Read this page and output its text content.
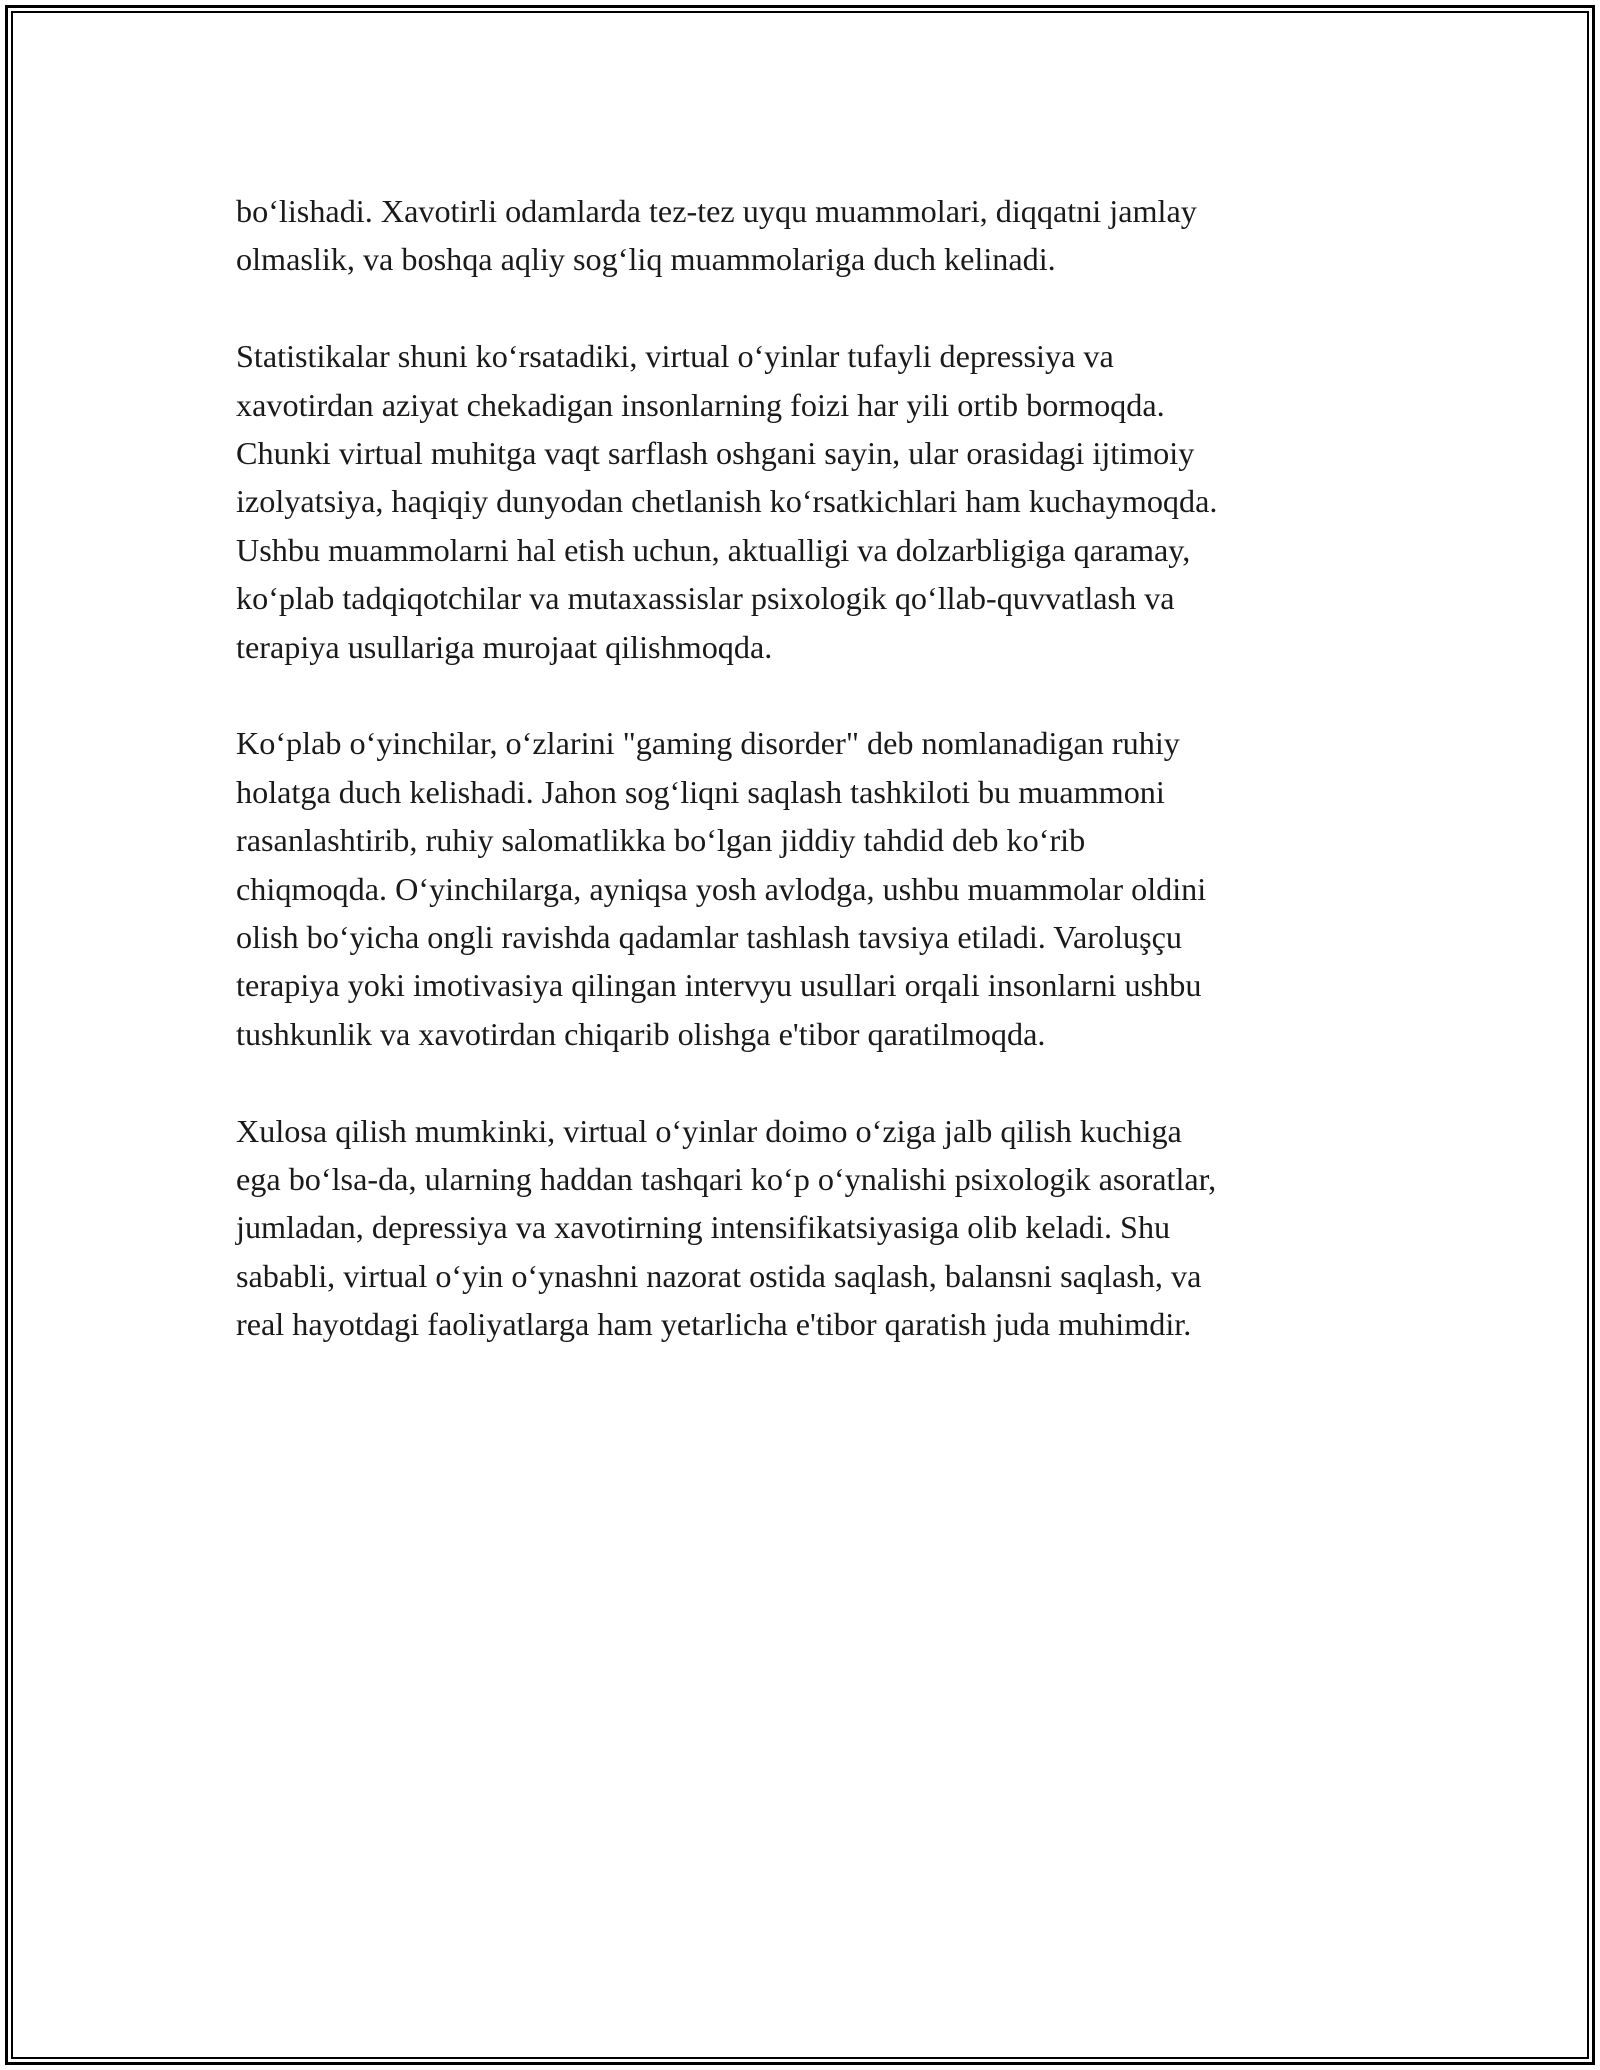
bo‘lishadi. Xavotirli odamlarda tez-tez uyqu muammolari, diqqatni jamlay
olmaslik, va boshqa aqliy sog‘liq muammolariga duch kelinadi.

Statistikalar shuni ko‘rsatadiki, virtual o‘yinlar tufayli depressiya va
xavotirdan aziyat chekadigan insonlarning foizi har yili ortib bormoqda.
Chunki virtual muhitga vaqt sarflash oshgani sayin, ular orasidagi ijtimoiy
izolyatsiya, haqiqiy dunyodan chetlanish ko‘rsatkichlari ham kuchaymoqda.
Ushbu muammolarni hal etish uchun, aktualligi va dolzarbligiga qaramay,
ko‘plab tadqiqotchilar va mutaxassislar psixologik qo‘llab-quvvatlash va
terapiya usullariga murojaat qilishmoqda.

Ko‘plab o‘yinchilar, o‘zlarini "gaming disorder" deb nomlanadigan ruhiy
holatga duch kelishadi. Jahon sog‘liqni saqlash tashkiloti bu muammoni
rasanlashtirib, ruhiy salomatlikka bo‘lgan jiddiy tahdid deb ko‘rib
chiqmoqda. O‘yinchilarga, ayniqsa yosh avlodga, ushbu muammolar oldini
olish bo‘yicha ongli ravishda qadamlar tashlash tavsiya etiladi. Varoluşçu
terapiya yoki imotivasiya qilingan intervyu usullari orqali insonlarni ushbu
tushkunlik va xavotirdan chiqarib olishga e'tibor qaratilmoqda.

Xulosa qilish mumkinki, virtual o‘yinlar doimo o‘ziga jalb qilish kuchiga
ega bo‘lsa-da, ularning haddan tashqari ko‘p o‘ynalishi psixologik asoratlar,
jumladan, depressiya va xavotirning intensifikatsiyasiga olib keladi. Shu
sababli, virtual o‘yin o‘ynashni nazorat ostida saqlash, balansni saqlash, va
real hayotdagi faoliyatlarga ham yetarlicha e'tibor qaratish juda muhimdir.
